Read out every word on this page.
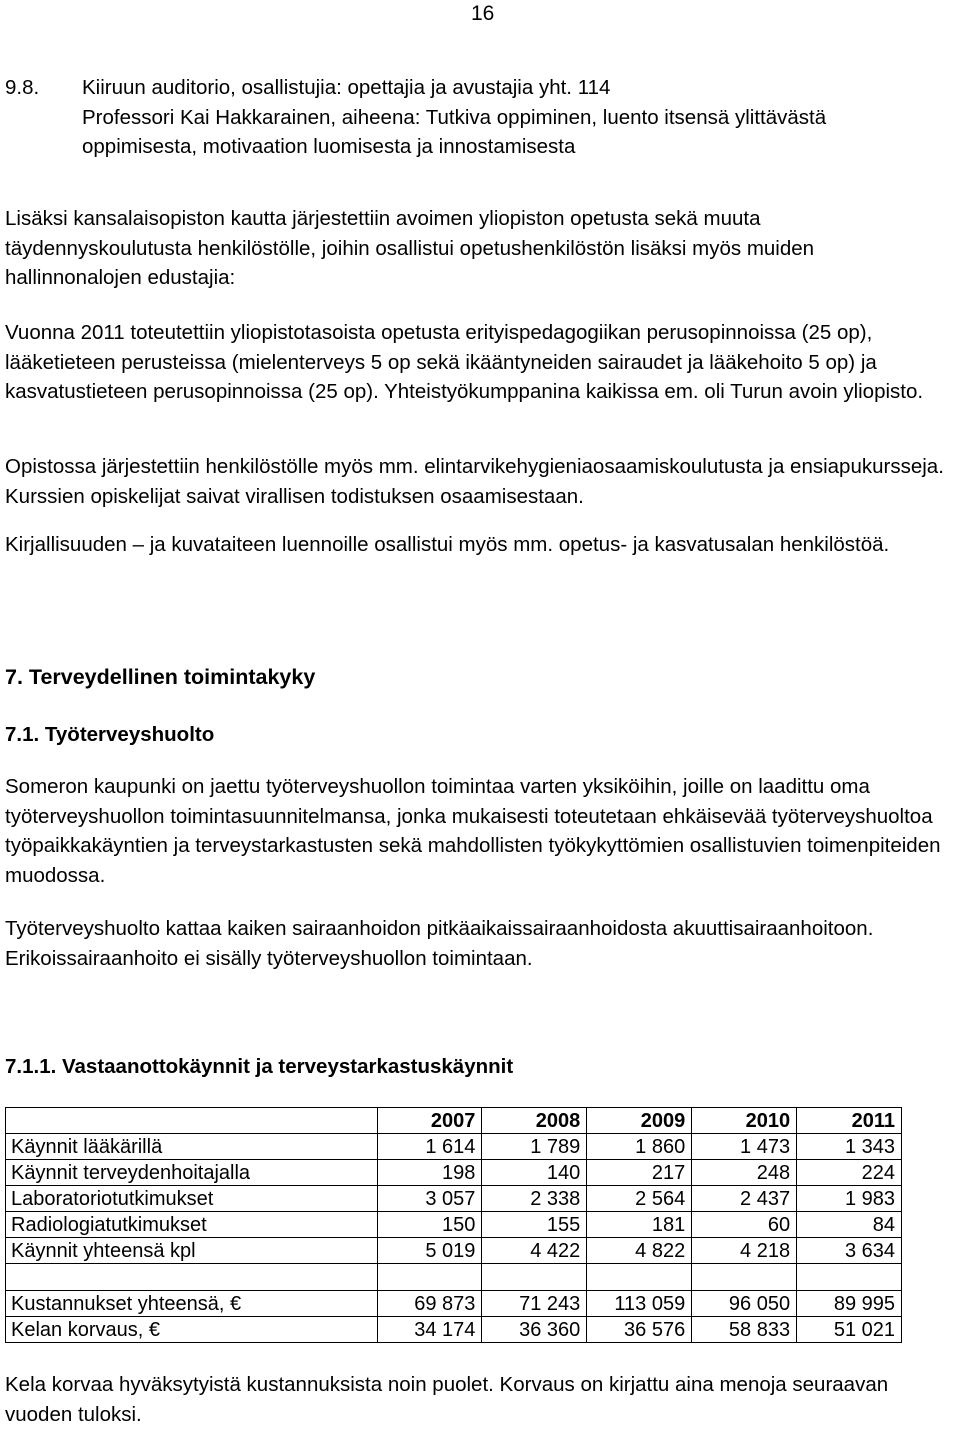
16
9.8. Kiiruun auditorio, osallistujia: opettajia ja avustajia yht. 114
Professori Kai Hakkarainen, aiheena: Tutkiva oppiminen, luento itsensä ylittävästä oppimisesta, motivaation luomisesta ja innostamisesta

Lisäksi kansalaisopiston kautta järjestettiin avoimen yliopiston opetusta sekä muuta täydennyskoulutusta henkilöstölle, joihin osallistui opetushenkilöstön lisäksi myös muiden hallinnonalojen edustajia:

Vuonna 2011 toteutettiin yliopistotasoista opetusta erityispedagogiikan perusopinnoissa (25 op), lääketieteen perusteissa (mielenterveys 5 op sekä ikääntyneiden sairaudet ja lääkehoito 5 op) ja kasvatustieteen perusopinnoissa (25 op). Yhteistyökumppanina kaikissa em. oli Turun avoin yliopisto.

Opistossa järjestettiin henkilöstölle myös mm. elintarvikehygieniaosaamiskoulutusta ja ensiapukursseja. Kurssien opiskelijat saivat virallisen todistuksen osaamisestaan.

Kirjallisuuden – ja kuvataiteen luennoille osallistui myös mm. opetus- ja kasvatusalan henkilöstöä.

7. Terveydellinen toimintakyky
7.1. Työterveyshuolto

Someron kaupunki on jaettu työterveyshuollon toimintaa varten yksiköihin, joille on laadittu oma työterveyshuollon toimintasuunnitelmansa, jonka mukaisesti toteutetaan ehkäisevää työterveyshuoltoa työpaikkakäyntien ja terveystarkastusten sekä mahdollisten työkykyttömien osallistuvien toimenpiteiden muodossa.

Työterveyshuolto kattaa kaiken sairaanhoidon pitkäaikaissairaanhoidosta akuuttisairaanhoitoon. Erikoissairaanhoito ei sisälly työterveyshuollon toimintaan.

7.1.1. Vastaanottokäynnit ja terveystarkastuskäynnit
	2007	2008	2009	2010	2011
Käynnit lääkärillä	1 614	1 789	1 860	1 473	1 343
Käynnit terveydenhoitajalla	198	140	217	248	224
Laboratoriotutkimukset	3 057	2 338	2 564	2 437	1 983
Radiologiatutkimukset	150	155	181	60	84
Käynnit yhteensä kpl	5 019	4 422	4 822	4 218	3 634

Kustannukset yhteensä, €	69 873	71 243	113 059	96 050	89 995
Kelan korvaus, €	34 174	36 360	36 576	58 833	51 021

Kela korvaa hyväksytyistä kustannuksista noin puolet. Korvaus on kirjattu aina menoja seuraavan vuoden tuloksi.
